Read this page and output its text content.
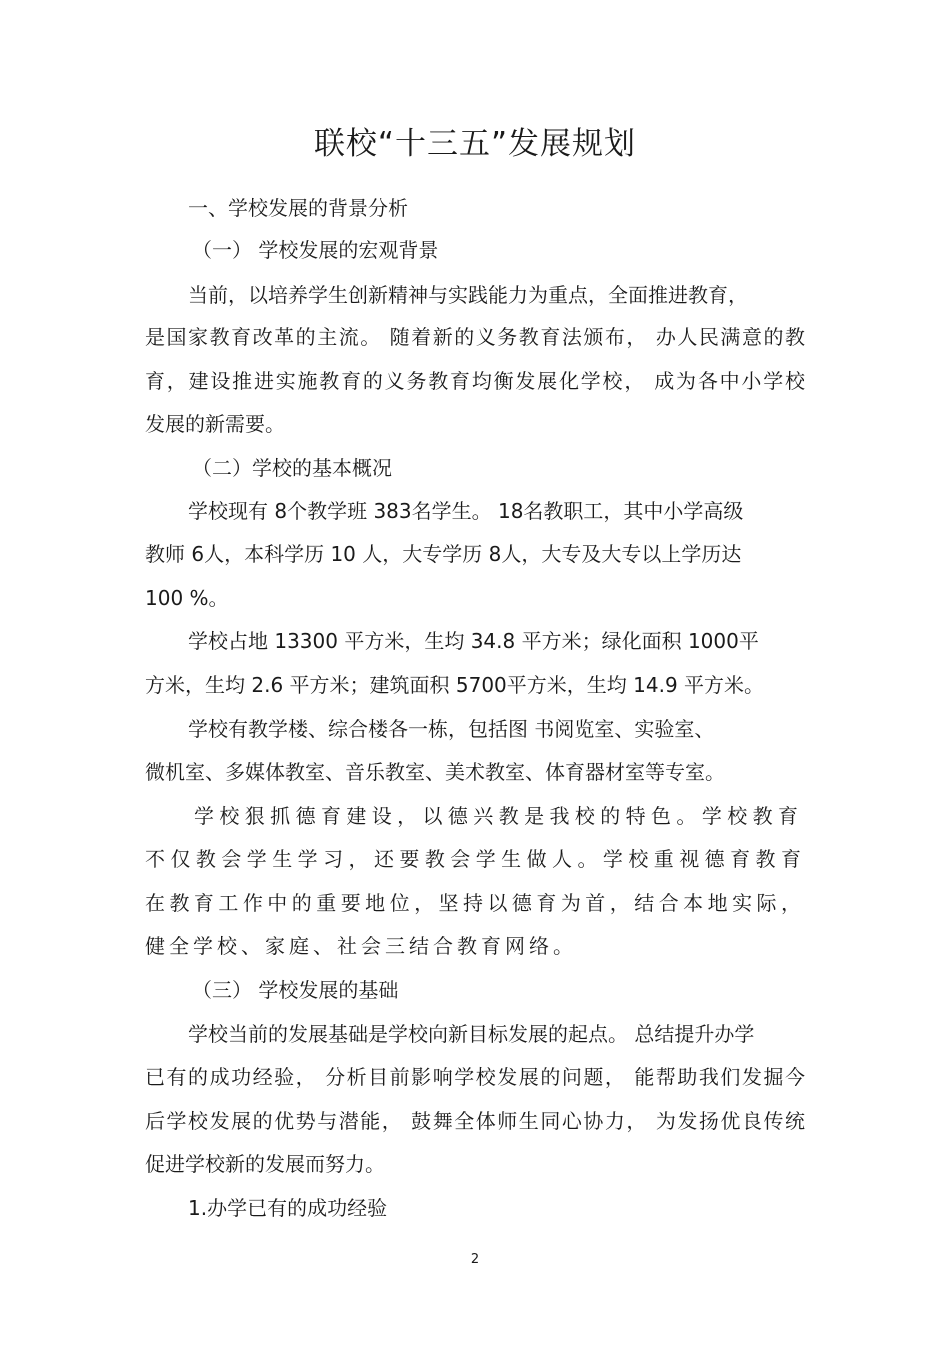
联校“十三五”发展规划
一、学校发展的背景分析
（一） 学校发展的宏观背景
当前，以培养学生创新精神与实践能力为重点，全面推进教育，
是国家教育改革的主流。 随着新的义务教育法颁布， 办人民满意的教
育，建设推进实施教育的义务教育均衡发展化学校， 成为各中小学校
发展的新需要。
（二）学校的基本概况
学校现有 8个教学班 383名学生。 18名教职工，其中小学高级
教师 6人，本科学历 10 人，大专学历 8人，大专及大专以上学历达
100 %。
学校占地 13300 平方米，生均 34.8 平方米；绿化面积 1000平
方米，生均 2.6 平方米；建筑面积 5700平方米，生均 14.9 平方米。
学校有教学楼、综合楼各一栋，包括图 书阅览室、实验室、
微机室、多媒体教室、音乐教室、美术教室、体育器材室等专室。
学校狠抓德育建设，以德兴教是我校的特色。学校教育
不仅教会学生学习，还要教会学生做人。学校重视德育教育
在教育工作中的重要地位，坚持以德育为首，结合本地实际，
健全学校、家庭、社会三结合教育网络。
（三） 学校发展的基础
学校当前的发展基础是学校向新目标发展的起点。 总结提升办学
已有的成功经验， 分析目前影响学校发展的问题， 能帮助我们发掘今
后学校发展的优势与潜能， 鼓舞全体师生同心协力， 为发扬优良传统
促进学校新的发展而努力。
1.办学已有的成功经验
2
